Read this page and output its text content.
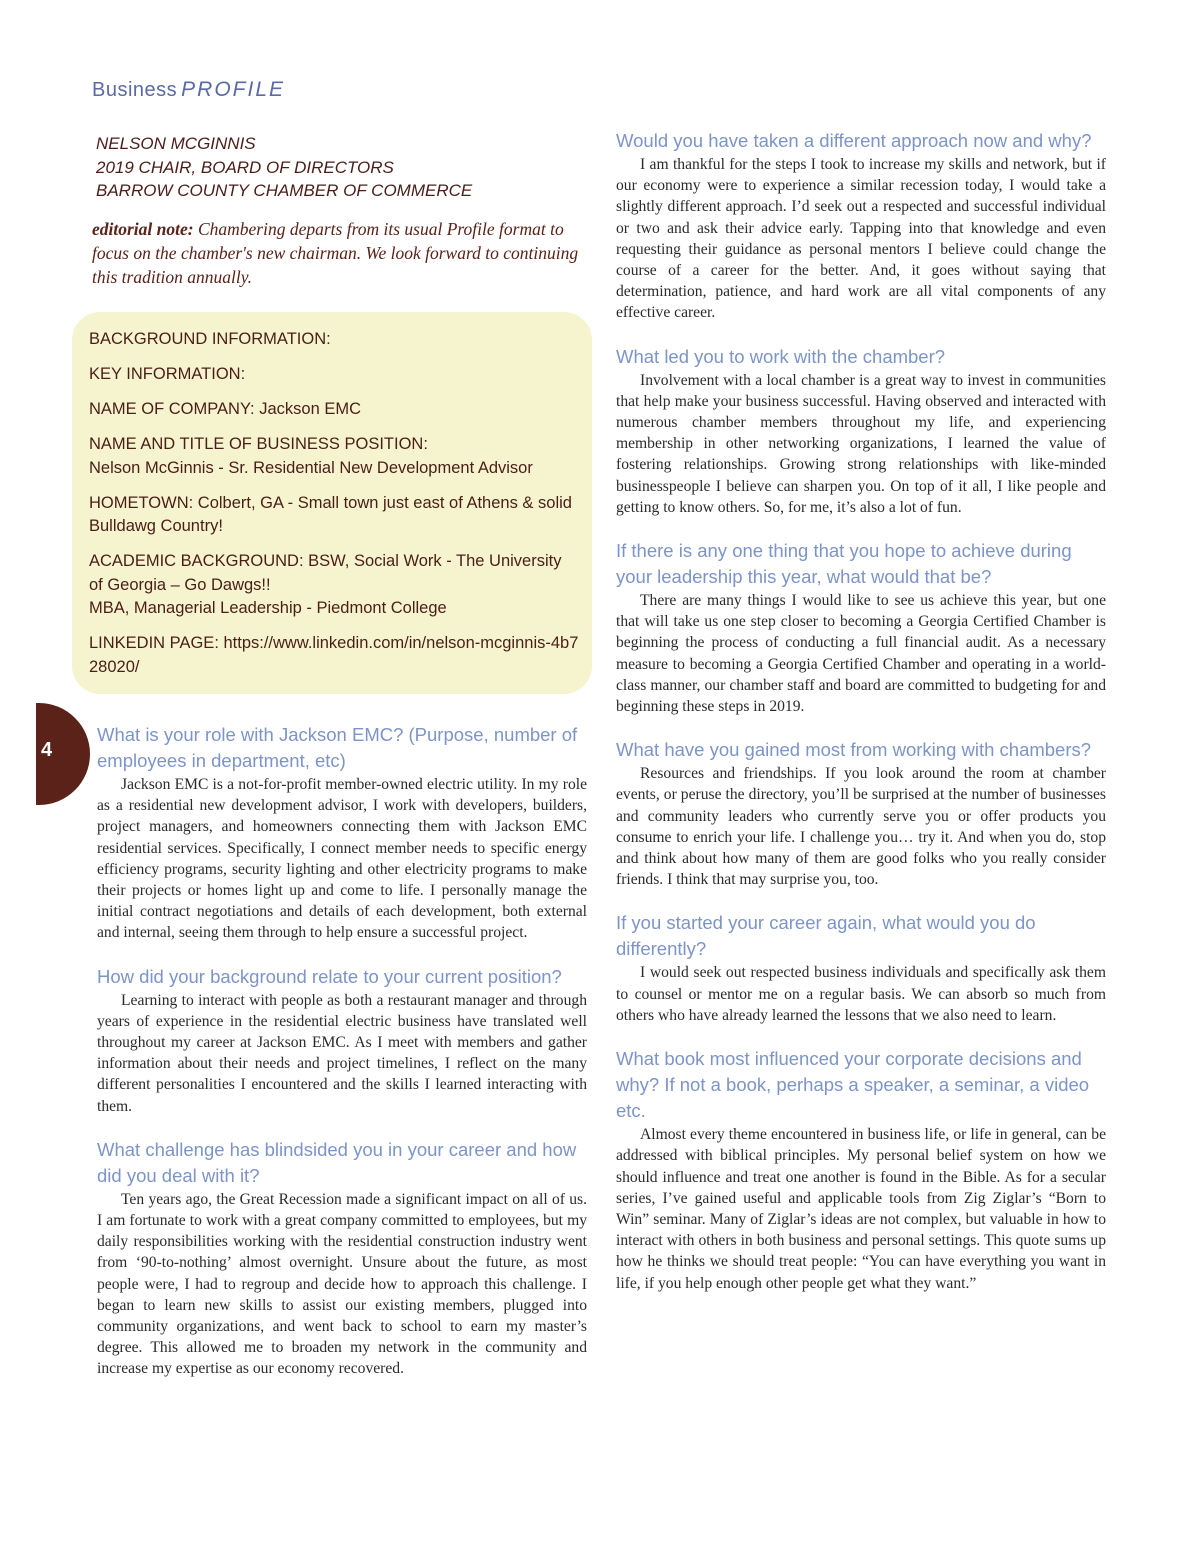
Business PROFILE
NELSON MCGINNIS
2019 CHAIR, BOARD OF DIRECTORS
BARROW COUNTY CHAMBER OF COMMERCE
editorial note: Chambering departs from its usual Profile format to focus on the chamber's new chairman. We look forward to continuing this tradition annually.

BACKGROUND INFORMATION:

KEY INFORMATION:

NAME OF COMPANY: Jackson EMC

NAME AND TITLE OF BUSINESS POSITION:
Nelson McGinnis - Sr. Residential New Development Advisor

HOMETOWN: Colbert, GA - Small town just east of Athens & solid Bulldawg Country!

ACADEMIC BACKGROUND: BSW, Social Work - The University of Georgia – Go Dawgs!!
MBA, Managerial Leadership - Piedmont College

LINKEDIN PAGE: https://www.linkedin.com/in/nelson-mcginnis-4b728020/

4

What is your role with Jackson EMC? (Purpose, number of employees in department, etc)

Jackson EMC is a not-for-profit member-owned electric utility. In my role as a residential new development advisor, I work with developers, builders, project managers, and homeowners connecting them with Jackson EMC residential services. Specifically, I connect member needs to specific energy efficiency programs, security lighting and other electricity programs to make their projects or homes light up and come to life. I personally manage the initial contract negotiations and details of each development, both external and internal, seeing them through to help ensure a successful project.

How did your background relate to your current position?

Learning to interact with people as both a restaurant manager and through years of experience in the residential electric business have translated well throughout my career at Jackson EMC. As I meet with members and gather information about their needs and project timelines, I reflect on the many different personalities I encountered and the skills I learned interacting with them.

What challenge has blindsided you in your career and how did you deal with it?

Ten years ago, the Great Recession made a significant impact on all of us. I am fortunate to work with a great company committed to employees, but my daily responsibilities working with the residential construction industry went from ‘90-to-nothing’ almost overnight. Unsure about the future, as most people were, I had to regroup and decide how to approach this challenge. I began to learn new skills to assist our existing members, plugged into community organizations, and went back to school to earn my master’s degree. This allowed me to broaden my network in the community and increase my expertise as our economy recovered.

Would you have taken a different approach now and why?

I am thankful for the steps I took to increase my skills and network, but if our economy were to experience a similar recession today, I would take a slightly different approach. I’d seek out a respected and successful individual or two and ask their advice early. Tapping into that knowledge and even requesting their guidance as personal mentors I believe could change the course of a career for the better. And, it goes without saying that determination, patience, and hard work are all vital components of any effective career.

What led you to work with the chamber?

Involvement with a local chamber is a great way to invest in communities that help make your business successful. Having observed and interacted with numerous chamber members throughout my life, and experiencing membership in other networking organizations, I learned the value of fostering relationships. Growing strong relationships with like-minded businesspeople I believe can sharpen you. On top of it all, I like people and getting to know others. So, for me, it’s also a lot of fun.

If there is any one thing that you hope to achieve during your leadership this year, what would that be?

There are many things I would like to see us achieve this year, but one that will take us one step closer to becoming a Georgia Certified Chamber is beginning the process of conducting a full financial audit. As a necessary measure to becoming a Georgia Certified Chamber and operating in a world-class manner, our chamber staff and board are committed to budgeting for and beginning these steps in 2019.

What have you gained most from working with chambers?

Resources and friendships. If you look around the room at chamber events, or peruse the directory, you’ll be surprised at the number of businesses and community leaders who currently serve you or offer products you consume to enrich your life. I challenge you… try it. And when you do, stop and think about how many of them are good folks who you really consider friends. I think that may surprise you, too.

If you started your career again, what would you do differently?

I would seek out respected business individuals and specifically ask them to counsel or mentor me on a regular basis. We can absorb so much from others who have already learned the lessons that we also need to learn.

What book most influenced your corporate decisions and why? If not a book, perhaps a speaker, a seminar, a video etc.

Almost every theme encountered in business life, or life in general, can be addressed with biblical principles. My personal belief system on how we should influence and treat one another is found in the Bible. As for a secular series, I’ve gained useful and applicable tools from Zig Ziglar’s “Born to Win” seminar. Many of Ziglar’s ideas are not complex, but valuable in how to interact with others in both business and personal settings. This quote sums up how he thinks we should treat people: “You can have everything you want in life, if you help enough other people get what they want.”
